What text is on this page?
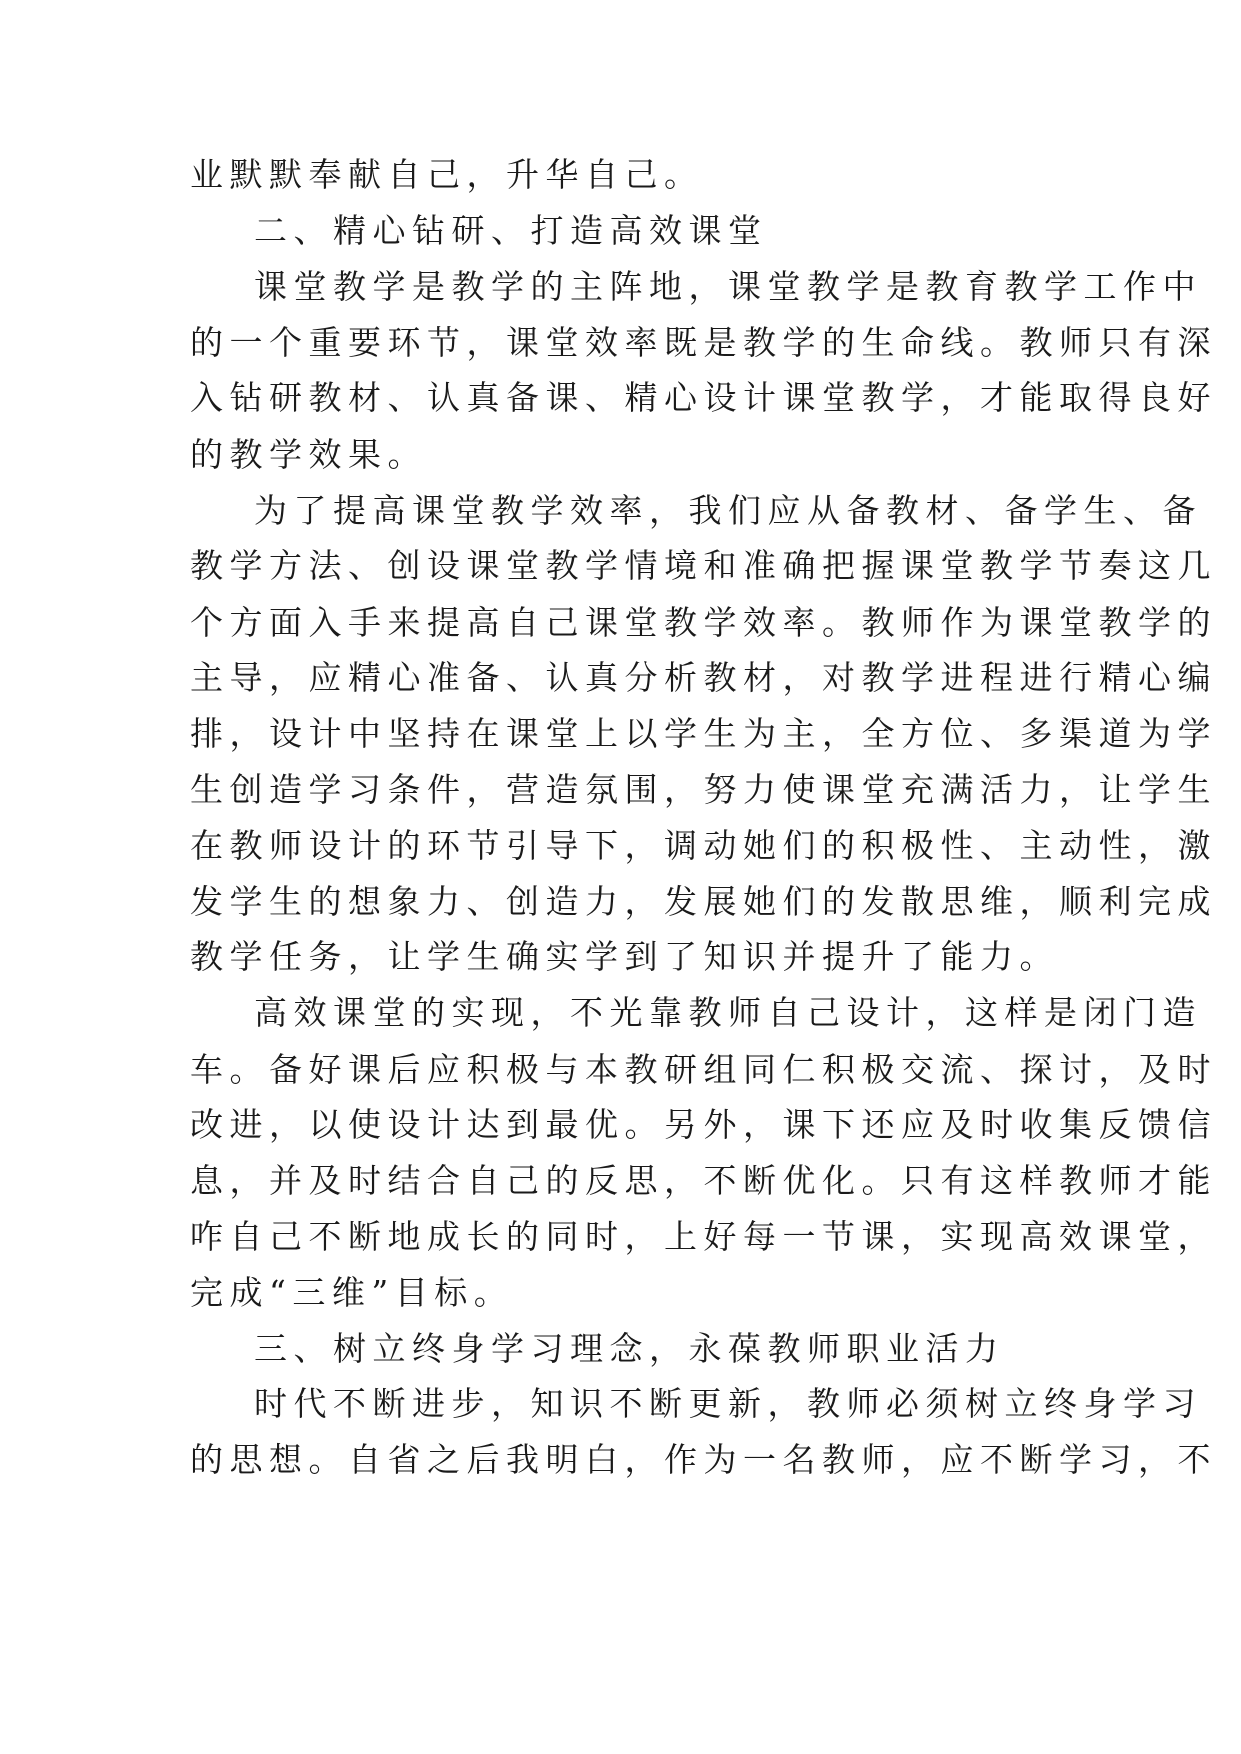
业默默奉献自己，升华自己。
二、精心钻研、打造高效课堂
课堂教学是教学的主阵地，课堂教学是教育教学工作中
的一个重要环节，课堂效率既是教学的生命线。教师只有深
入钻研教材、认真备课、精心设计课堂教学，才能取得良好
的教学效果。
为了提高课堂教学效率，我们应从备教材、备学生、备
教学方法、创设课堂教学情境和准确把握课堂教学节奏这几
个方面入手来提高自己课堂教学效率。教师作为课堂教学的
主导，应精心准备、认真分析教材，对教学进程进行精心编
排，设计中坚持在课堂上以学生为主，全方位、多渠道为学
生创造学习条件，营造氛围，努力使课堂充满活力，让学生
在教师设计的环节引导下，调动她们的积极性、主动性，激
发学生的想象力、创造力，发展她们的发散思维，顺利完成
教学任务，让学生确实学到了知识并提升了能力。
高效课堂的实现，不光靠教师自己设计，这样是闭门造
车。备好课后应积极与本教研组同仁积极交流、探讨，及时
改进，以使设计达到最优。另外，课下还应及时收集反馈信
息，并及时结合自己的反思，不断优化。只有这样教师才能
咋自己不断地成长的同时，上好每一节课，实现高效课堂，
完成“三维”目标。
三、树立终身学习理念，永葆教师职业活力
时代不断进步，知识不断更新，教师必须树立终身学习
的思想。自省之后我明白，作为一名教师，应不断学习，不
